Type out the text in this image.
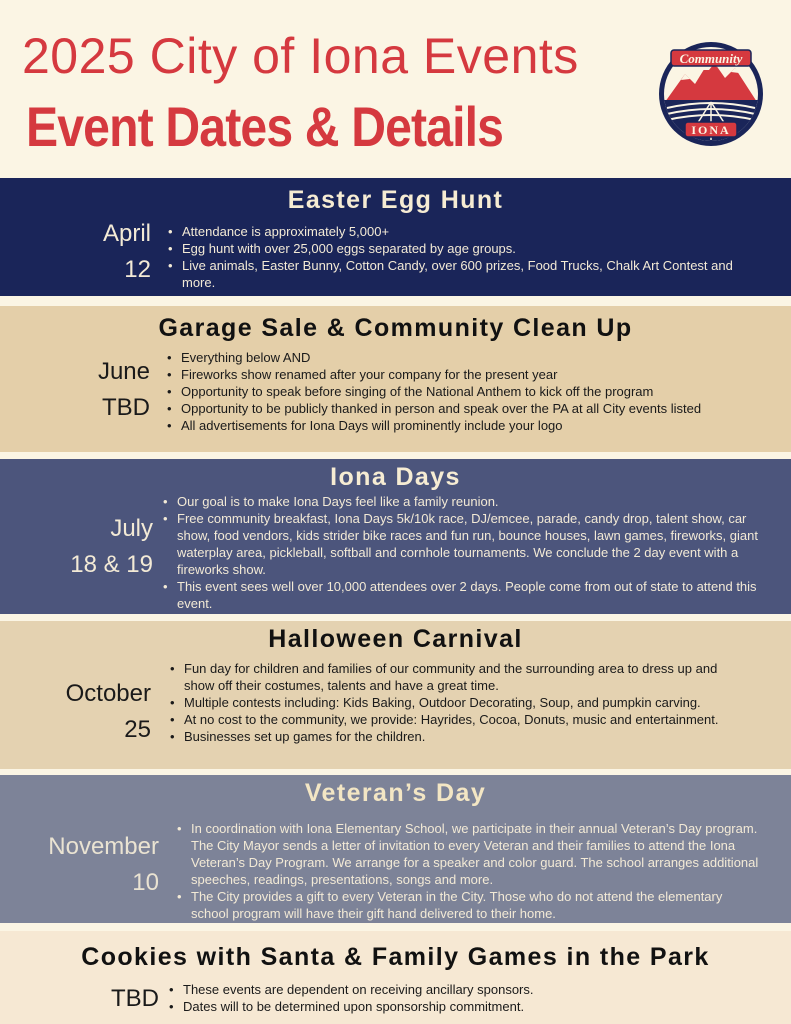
2025 City of Iona Events
Event Dates & Details
Community
IONA
Easter Egg Hunt
April
12
• Attendance is approximately 5,000+
• Egg hunt with over 25,000 eggs separated by age groups.
• Live animals, Easter Bunny, Cotton Candy, over 600 prizes, Food Trucks, Chalk Art Contest and more.
Garage Sale & Community Clean Up
June
TBD
• Everything below AND
• Fireworks show renamed after your company for the present year
• Opportunity to speak before singing of the National Anthem to kick off the program
• Opportunity to be publicly thanked in person and speak over the PA at all City events listed
• All advertisements for Iona Days will prominently include your logo
Iona Days
July
18 & 19
• Our goal is to make Iona Days feel like a family reunion.
• Free community breakfast, Iona Days 5k/10k race, DJ/emcee, parade, candy drop, talent show, car show, food vendors, kids strider bike races and fun run, bounce houses, lawn games, fireworks, giant waterplay area, pickleball, softball and cornhole tournaments. We conclude the 2 day event with a fireworks show.
• This event sees well over 10,000 attendees over 2 days. People come from out of state to attend this event.
Halloween Carnival
October
25
• Fun day for children and families of our community and the surrounding area to dress up and show off their costumes, talents and have a great time.
• Multiple contests including: Kids Baking, Outdoor Decorating, Soup, and pumpkin carving.
• At no cost to the community, we provide: Hayrides, Cocoa, Donuts, music and entertainment.
• Businesses set up games for the children.
Veteran’s Day
November
10
• In coordination with Iona Elementary School, we participate in their annual Veteran’s Day program. The City Mayor sends a letter of invitation to every Veteran and their families to attend the Iona Veteran’s Day Program. We arrange for a speaker and color guard. The school arranges additional speeches, readings, presentations, songs and more.
• The City provides a gift to every Veteran in the City. Those who do not attend the elementary school program will have their gift hand delivered to their home.
Cookies with Santa & Family Games in the Park
TBD
•	These events are dependent on receiving ancillary sponsors.
• Dates will to be determined upon sponsorship commitment.
